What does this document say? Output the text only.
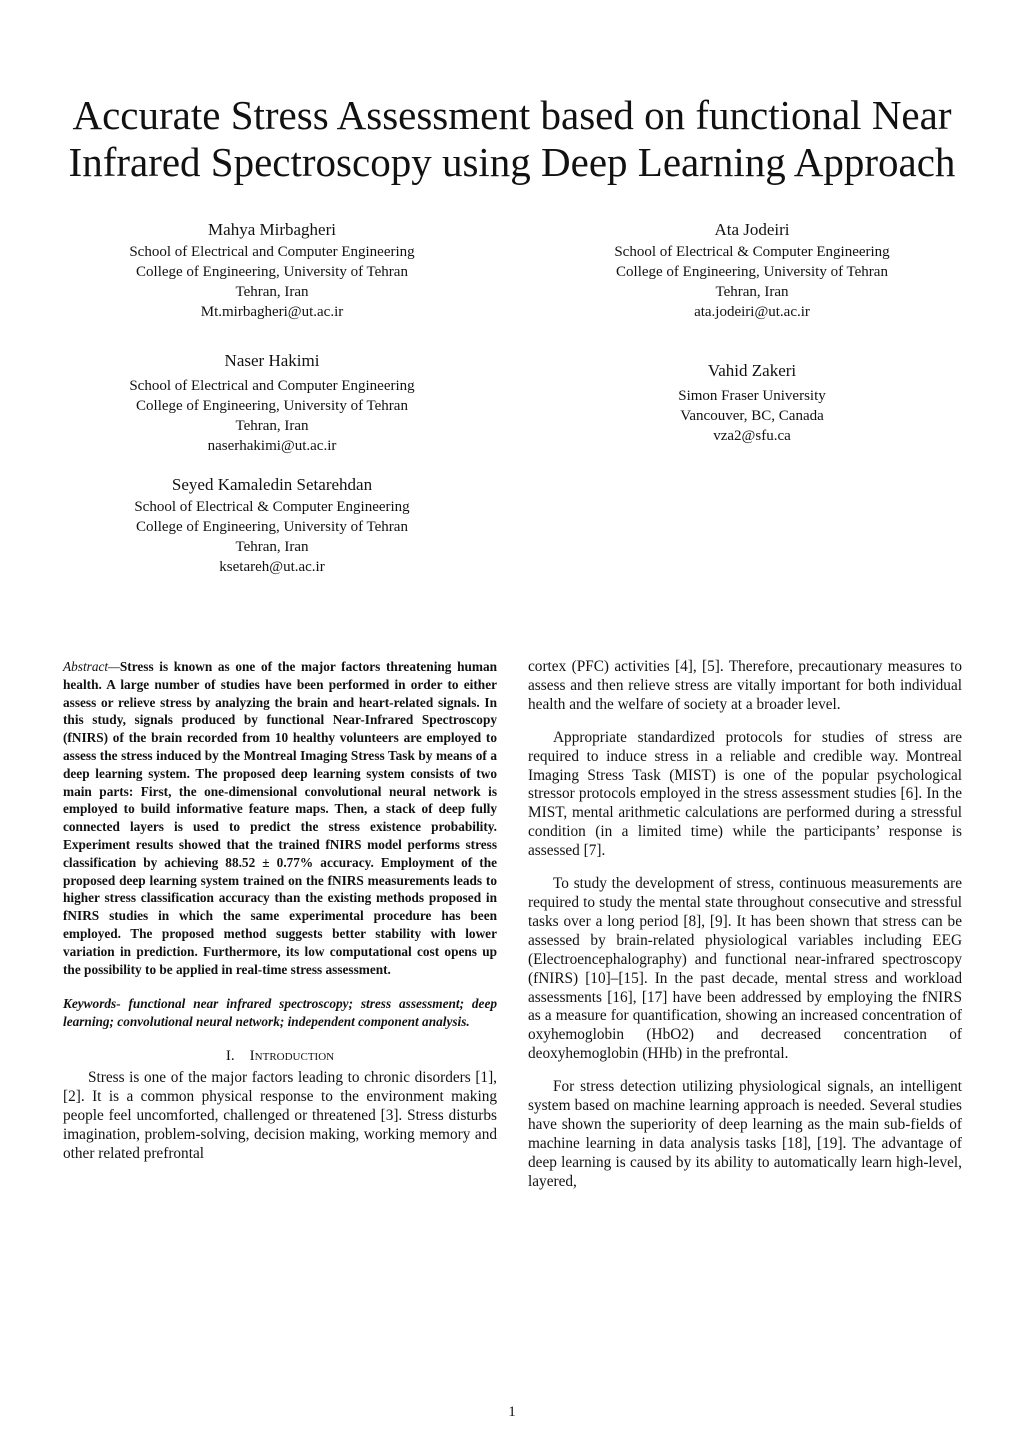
Accurate Stress Assessment based on functional Near
Infrared Spectroscopy using Deep Learning Approach
Mahya Mirbagheri
School of Electrical and Computer Engineering
College of Engineering, University of Tehran
Tehran, Iran
Mt.mirbagheri@ut.ac.ir
Ata Jodeiri
School of Electrical & Computer Engineering
College of Engineering, University of Tehran
Tehran, Iran
ata.jodeiri@ut.ac.ir
Naser Hakimi
School of Electrical and Computer Engineering
College of Engineering, University of Tehran
Tehran, Iran
naserhakimi@ut.ac.ir
Vahid Zakeri
Simon Fraser University
Vancouver, BC, Canada
vza2@sfu.ca
Seyed Kamaledin Setarehdan
School of Electrical & Computer Engineering
College of Engineering, University of Tehran
Tehran, Iran
ksetareh@ut.ac.ir

Abstract—Stress is known as one of the major factors threatening human health. A large number of studies have been performed in order to either assess or relieve stress by analyzing the brain and heart-related signals. In this study, signals produced by functional Near-Infrared Spectroscopy (fNIRS) of the brain recorded from 10 healthy volunteers are employed to assess the stress induced by the Montreal Imaging Stress Task by means of a deep learning system. The proposed deep learning system consists of two main parts: First, the one-dimensional convolutional neural network is employed to build informative feature maps. Then, a stack of deep fully connected layers is used to predict the stress existence probability. Experiment results showed that the trained fNIRS model performs stress classification by achieving 88.52 ± 0.77% accuracy. Employment of the proposed deep learning system trained on the fNIRS measurements leads to higher stress classification accuracy than the existing methods proposed in fNIRS studies in which the same experimental procedure has been employed. The proposed method suggests better stability with lower variation in prediction. Furthermore, its low computational cost opens up the possibility to be applied in real-time stress assessment.

Keywords- functional near infrared spectroscopy; stress assessment; deep learning; convolutional neural network; independent component analysis.

I. Introduction

Stress is one of the major factors leading to chronic disorders [1], [2]. It is a common physical response to the environment making people feel uncomforted, challenged or threatened [3]. Stress disturbs imagination, problem-solving, decision making, working memory and other related prefrontal

cortex (PFC) activities [4], [5]. Therefore, precautionary measures to assess and then relieve stress are vitally important for both individual health and the welfare of society at a broader level.

Appropriate standardized protocols for studies of stress are required to induce stress in a reliable and credible way. Montreal Imaging Stress Task (MIST) is one of the popular psychological stressor protocols employed in the stress assessment studies [6]. In the MIST, mental arithmetic calculations are performed during a stressful condition (in a limited time) while the participants’ response is assessed [7].

To study the development of stress, continuous measurements are required to study the mental state throughout consecutive and stressful tasks over a long period [8], [9]. It has been shown that stress can be assessed by brain-related physiological variables including EEG (Electroencephalography) and functional near-infrared spectroscopy (fNIRS) [10]–[15]. In the past decade, mental stress and workload assessments [16], [17] have been addressed by employing the fNIRS as a measure for quantification, showing an increased concentration of oxyhemoglobin (HbO2) and decreased concentration of deoxyhemoglobin (HHb) in the prefrontal.

For stress detection utilizing physiological signals, an intelligent system based on machine learning approach is needed. Several studies have shown the superiority of deep learning as the main sub-fields of machine learning in data analysis tasks [18], [19]. The advantage of deep learning is caused by its ability to automatically learn high-level, layered,

1
